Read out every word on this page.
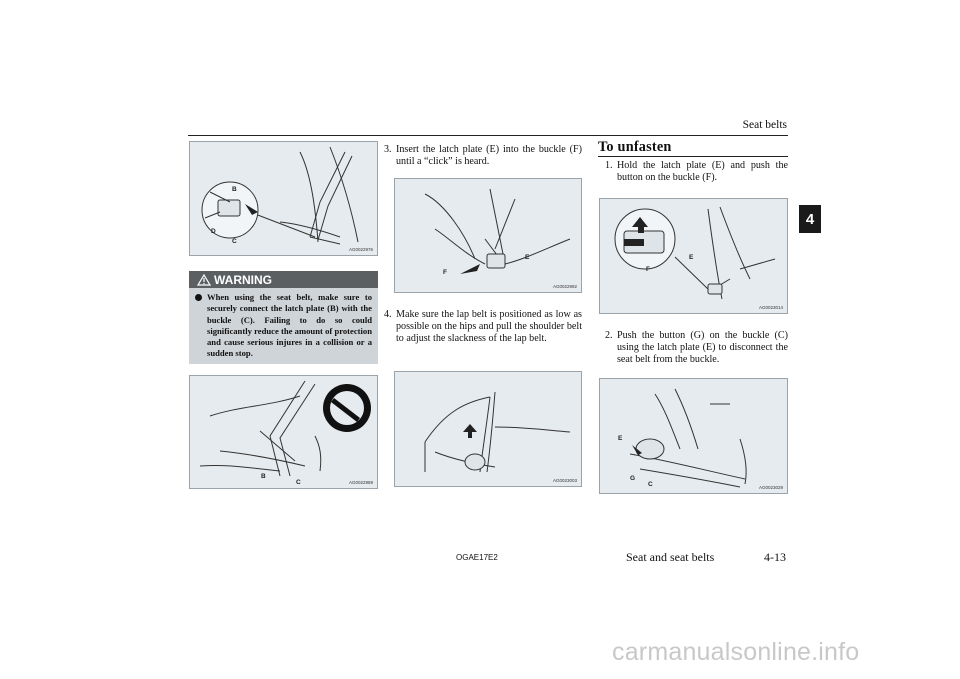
Seat belts
4
B
D
C
AG0022976
WARNING
When using the seat belt, make sure to securely connect the latch plate (B) with the buckle (C). Failing to do so could significantly reduce the amount of protection and cause serious injures in a collision or a sudden stop.
B
C	AG0022989
3. Insert the latch plate (E) into the buckle (F) until a “click” is heard.
E
F
AG0022992
4. Make sure the lap belt is positioned as low as possible on the hips and pull the shoulder belt to adjust the slackness of the lap belt.
AG0023003
To unfasten
1. Hold the latch plate (E) and push the button on the buckle (F).
E
F
AG0023014
2. Push the button (G) on the buckle (C) using the latch plate (E) to disconnect the seat belt from the buckle.
E
G
C	AG0023029
OGAE17E2	Seat and seat belts	4-13
carmanualsonline.info
